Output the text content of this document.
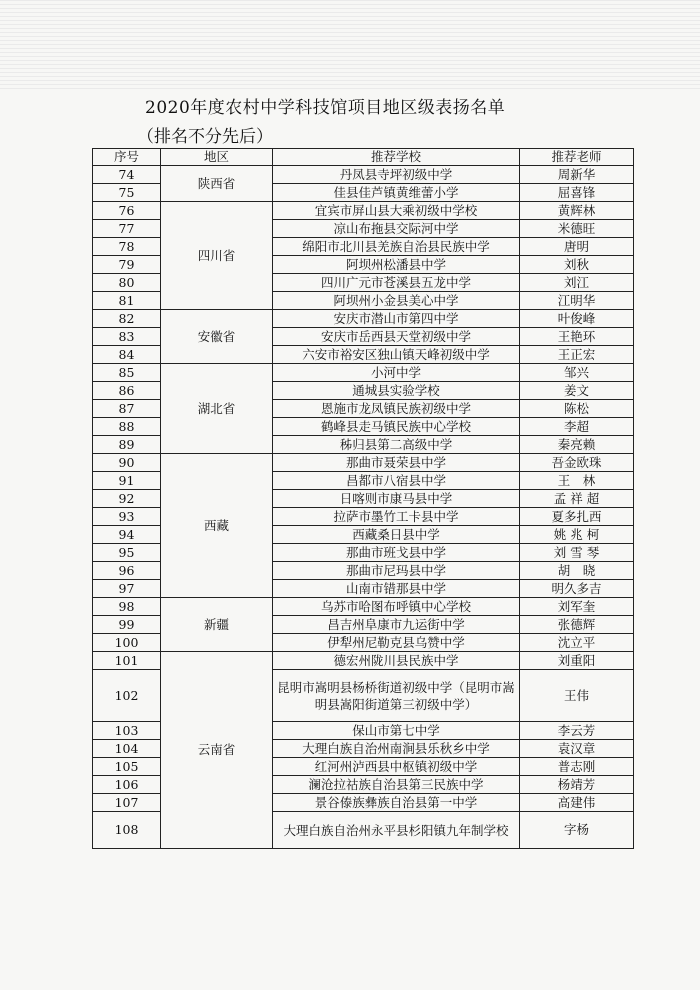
2020年度农村中学科技馆项目地区级表扬名单
（排名不分先后）
序号	地区	推荐学校	推荐老师
74	陕西省	丹凤县寺坪初级中学	周新华
75		佳县佳芦镇黄维蕾小学	屈喜锋
76	四川省	宜宾市屏山县大乘初级中学校	黄辉林
77		凉山布拖县交际河中学	米德旺
78		绵阳市北川县羌族自治县民族中学	唐明
79		阿坝州松潘县中学	刘秋
80		四川广元市苍溪县五龙中学	刘江
81		阿坝州小金县美心中学	江明华
82	安徽省	安庆市潜山市第四中学	叶俊峰
83		安庆市岳西县天堂初级中学	王艳环
84		六安市裕安区独山镇天峰初级中学	王正宏
85	湖北省	小河中学	邹兴
86		通城县实验学校	姜文
87		恩施市龙凤镇民族初级中学	陈松
88		鹤峰县走马镇民族中心学校	李超
89		秭归县第二高级中学	秦亮赖
90	西藏	那曲市聂荣县中学	吾金欧珠
91		昌都市八宿县中学	王　林
92		日喀则市康马县中学	孟 祥 超
93		拉萨市墨竹工卡县中学	夏多扎西
94		西藏桑日县中学	姚 兆 柯
95		那曲市班戈县中学	刘 雪 琴
96		那曲市尼玛县中学	胡　晓
97		山南市错那县中学	明久多吉
98	新疆	乌苏市哈图布呼镇中心学校	刘军奎
99		昌吉州阜康市九运街中学	张德辉
100		伊犁州尼勒克县乌赞中学	沈立平
101	云南省	德宏州陇川县民族中学	刘重阳
102		昆明市嵩明县杨桥街道初级中学（昆明市嵩明县嵩阳街道第三初级中学）	王伟
103		保山市第七中学	李云芳
104		大理白族自治州南涧县乐秋乡中学	袁汉章
105		红河州泸西县中枢镇初级中学	普志刚
106		澜沧拉祜族自治县第三民族中学	杨靖芳
107		景谷傣族彝族自治县第一中学	高建伟
108		大理白族自治州永平县杉阳镇九年制学校	字杨
